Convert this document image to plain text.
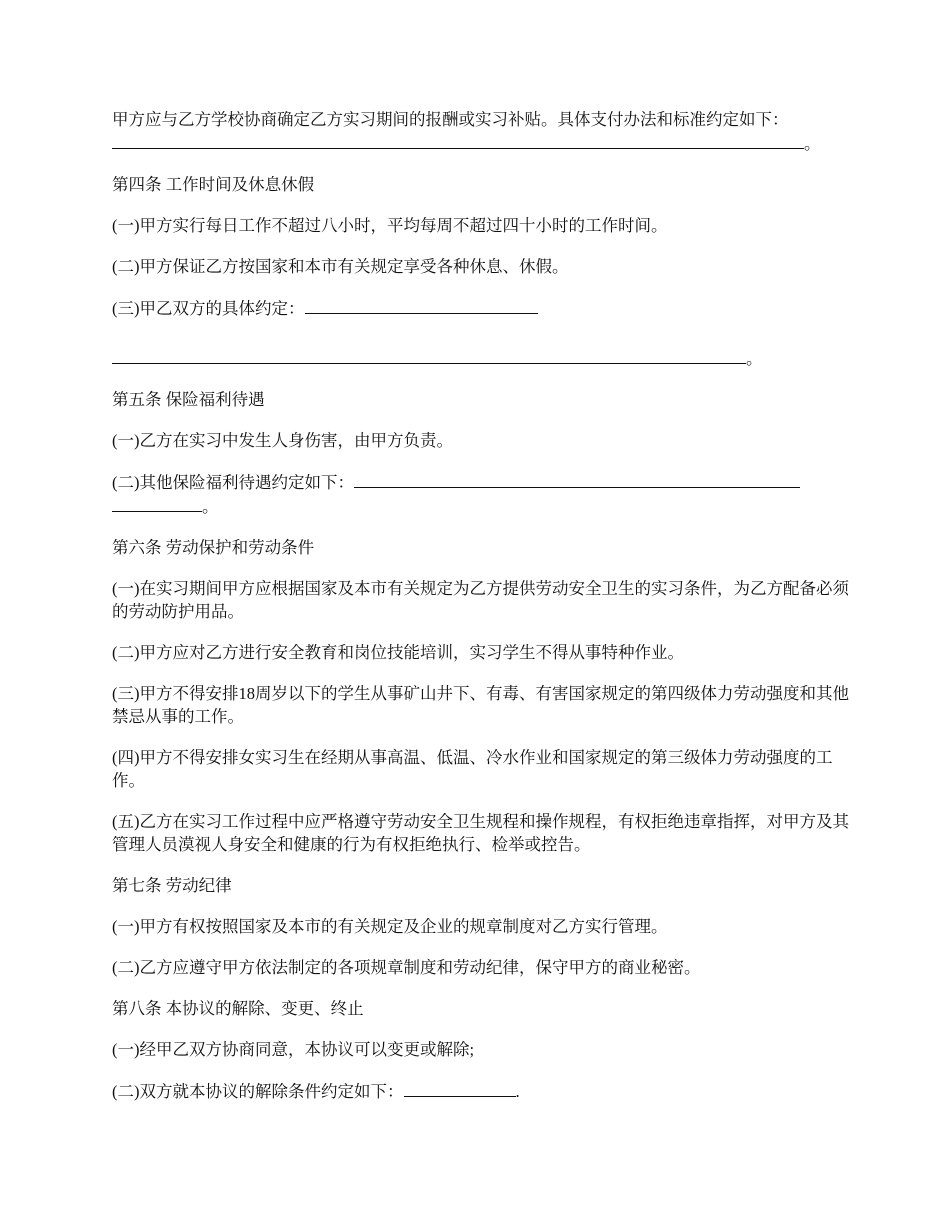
甲方应与乙方学校协商确定乙方实习期间的报酬或实习补贴。具体支付办法和标准约定如下：。

第四条 工作时间及休息休假

(一)甲方实行每日工作不超过八小时，平均每周不超过四十小时的工作时间。

(二)甲方保证乙方按国家和本市有关规定享受各种休息、休假。

(三)甲乙双方的具体约定：

。

第五条 保险福利待遇

(一)乙方在实习中发生人身伤害，由甲方负责。

(二)其他保险福利待遇约定如下：
。

第六条 劳动保护和劳动条件

(一)在实习期间甲方应根据国家及本市有关规定为乙方提供劳动安全卫生的实习条件，为乙方配备必须的劳动防护用品。

(二)甲方应对乙方进行安全教育和岗位技能培训，实习学生不得从事特种作业。

(三)甲方不得安排18周岁以下的学生从事矿山井下、有毒、有害国家规定的第四级体力劳动强度和其他禁忌从事的工作。

(四)甲方不得安排女实习生在经期从事高温、低温、冷水作业和国家规定的第三级体力劳动强度的工作。

(五)乙方在实习工作过程中应严格遵守劳动安全卫生规程和操作规程，有权拒绝违章指挥，对甲方及其管理人员漠视人身安全和健康的行为有权拒绝执行、检举或控告。

第七条 劳动纪律

(一)甲方有权按照国家及本市的有关规定及企业的规章制度对乙方实行管理。

(二)乙方应遵守甲方依法制定的各项规章制度和劳动纪律，保守甲方的商业秘密。

第八条 本协议的解除、变更、终止

(一)经甲乙双方协商同意，本协议可以变更或解除;

(二)双方就本协议的解除条件约定如下：	.
